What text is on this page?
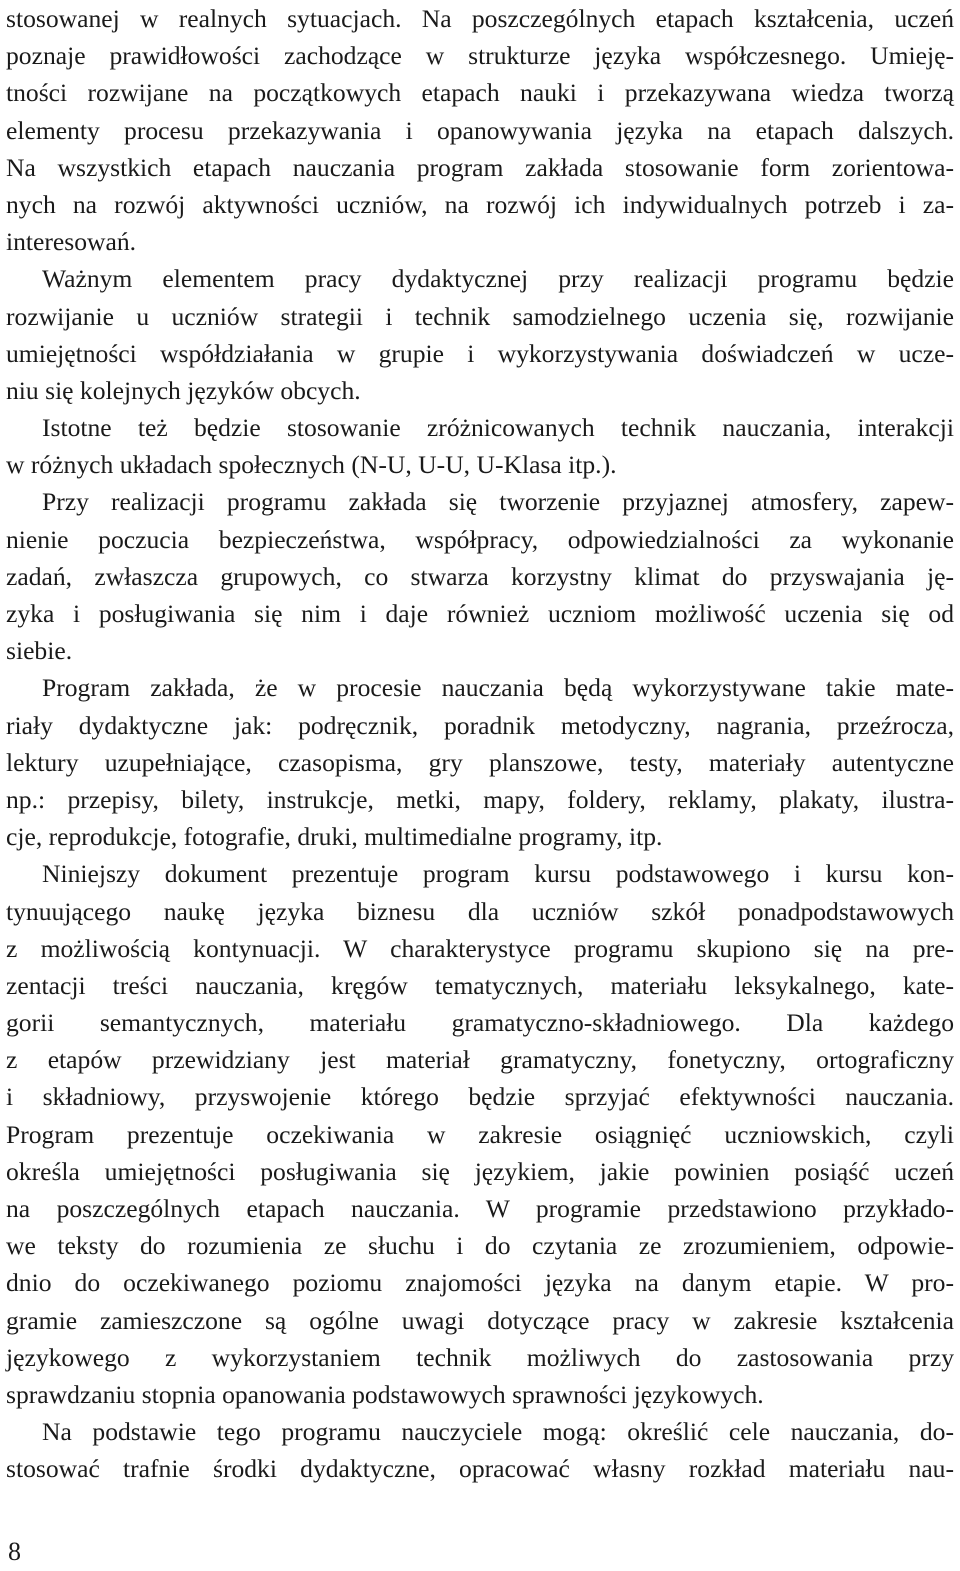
stosowanej w realnych sytuacjach. Na poszczególnych etapach kształcenia, uczeń
poznaje prawidłowości zachodzące w strukturze języka współczesnego. Umieję-
tności rozwijane na początkowych etapach nauki i przekazywana wiedza tworzą
elementy procesu przekazywania i opanowywania języka na etapach dalszych.
Na wszystkich etapach nauczania program zakłada stosowanie form zorientowa-
nych na rozwój aktywności uczniów, na rozwój ich indywidualnych potrzeb i za-
interesowań.

Ważnym elementem pracy dydaktycznej przy realizacji programu będzie
rozwijanie u uczniów strategii i technik samodzielnego uczenia się, rozwijanie
umiejętności współdziałania w grupie i wykorzystywania doświadczeń w ucze-
niu się kolejnych języków obcych.

Istotne też będzie stosowanie zróżnicowanych technik nauczania, interakcji
w różnych układach społecznych (N-U, U-U, U-Klasa itp.).

Przy realizacji programu zakłada się tworzenie przyjaznej atmosfery, zapew-
nienie poczucia bezpieczeństwa, współpracy, odpowiedzialności za wykonanie
zadań, zwłaszcza grupowych, co stwarza korzystny klimat do przyswajania ję-
zyka i posługiwania się nim i daje również uczniom możliwość uczenia się od
siebie.

Program zakłada, że w procesie nauczania będą wykorzystywane takie mate-
riały dydaktyczne jak: podręcznik, poradnik metodyczny, nagrania, przeźrocza,
lektury uzupełniające, czasopisma, gry planszowe, testy, materiały autentyczne
np.: przepisy, bilety, instrukcje, metki, mapy, foldery, reklamy, plakaty, ilustra-
cje, reprodukcje, fotografie, druki, multimedialne programy, itp.

Niniejszy dokument prezentuje program kursu podstawowego i kursu kon-
tynuującego naukę języka biznesu dla uczniów szkół ponadpodstawowych
z możliwością kontynuacji. W charakterystyce programu skupiono się na pre-
zentacji treści nauczania, kręgów tematycznych, materiału leksykalnego, kate-
gorii semantycznych, materiału gramatyczno-składniowego. Dla każdego
z etapów przewidziany jest materiał gramatyczny, fonetyczny, ortograficzny
i składniowy, przyswojenie którego będzie sprzyjać efektywności nauczania.
Program prezentuje oczekiwania w zakresie osiągnięć uczniowskich, czyli
określa umiejętności posługiwania się językiem, jakie powinien posiąść uczeń
na poszczególnych etapach nauczania. W programie przedstawiono przykłado-
we teksty do rozumienia ze słuchu i do czytania ze zrozumieniem, odpowie-
dnio do oczekiwanego poziomu znajomości języka na danym etapie. W pro-
gramie zamieszczone są ogólne uwagi dotyczące pracy w zakresie kształcenia
językowego z wykorzystaniem technik możliwych do zastosowania przy
sprawdzaniu stopnia opanowania podstawowych sprawności językowych.

Na podstawie tego programu nauczyciele mogą: określić cele nauczania, do-
stosować trafnie środki dydaktyczne, opracować własny rozkład materiału nau-

8
